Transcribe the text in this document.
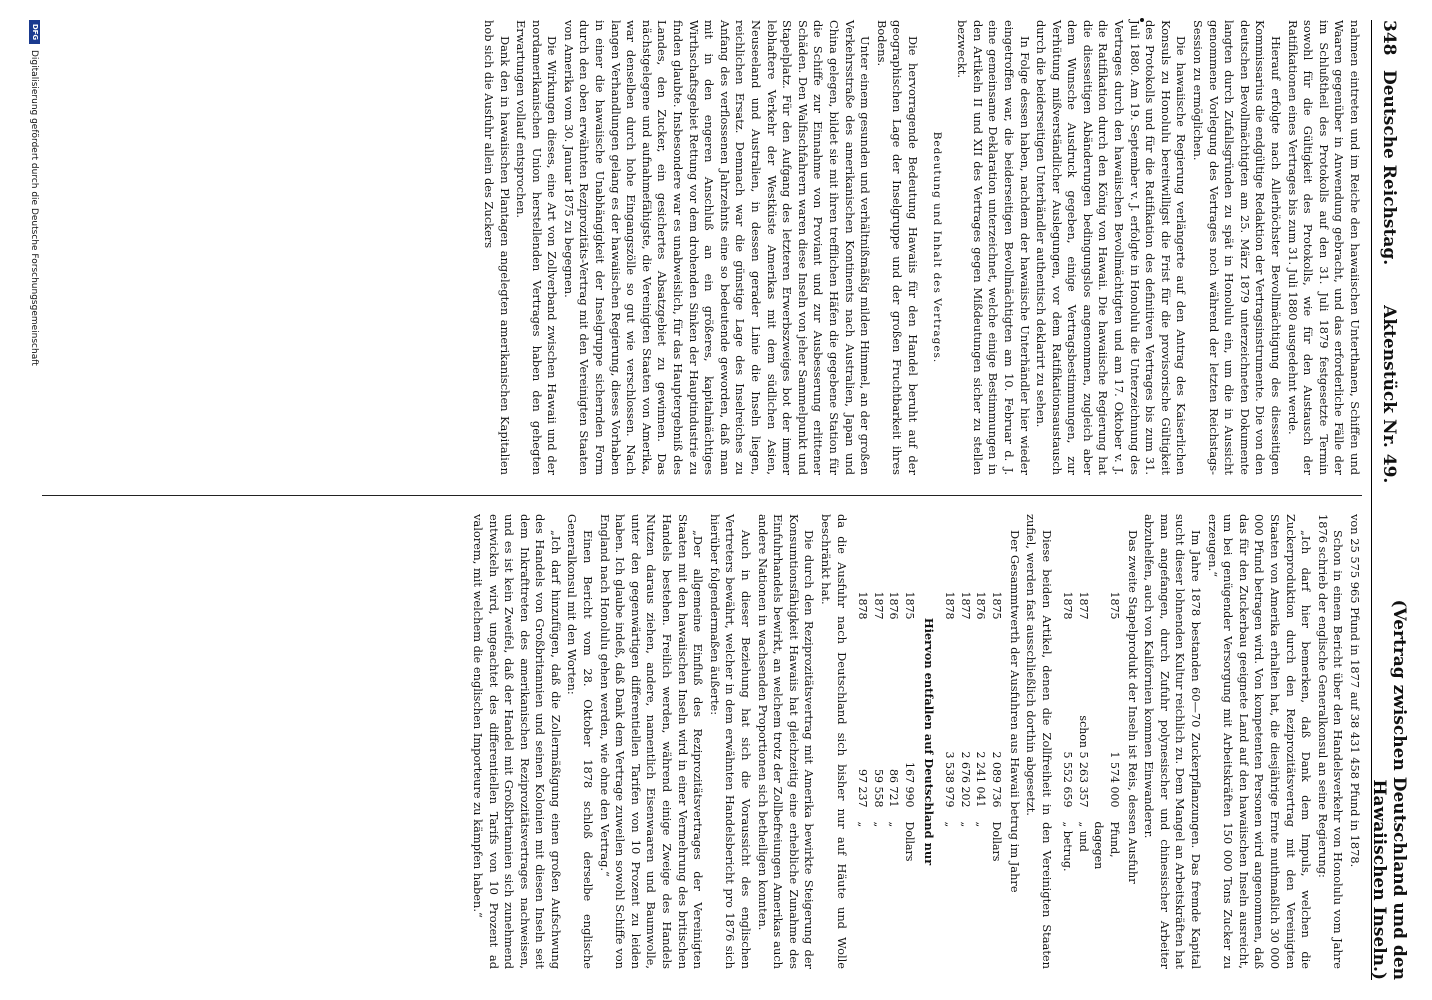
348
Deutsche Reichstag.
Aktenstück Nr. 49.
(Vertrag zwischen Deutschland und den Hawaiischen Inseln.)

nahmen eintreten und im Reiche den hawaiischen Unterthanen, Schiffen und Waaren gegenüber in Anwendung gebracht, und das erforderliche Fälle der im Schlußtheil des Protokolls auf den 31. Juli 1879 festgesetzte Termin sowohl für die Gültigkeit des Protokolls, wie für den Austausch der Ratifikationen eines Vertrages bis zum 31. Juli 1880 ausgedehnt werde.

Hierauf erfolgte nach Allerhöchster Bevollmächtigung des diesseitigen Kommissarius die endgültige Redaktion der Vertragsinstrumente. Die von den deutschen Bevollmächtigten am 25. März 1879 unterzeichneten Dokumente langten durch Zufallsgründen zu spät in Honolulu ein, um die in Aussicht genommene Vorlegung des Vertrages noch während der letzten Reichstags-Session zu ermöglichen.

Die hawaiische Regierung verlängerte auf den Antrag des Kaiserlichen Konsuls zu Honolulu bereitwilligst die Frist für die provisorische Gültigkeit des Protokolls und für die Ratifikation des definitiven Vertrages bis zum 31. Juli 1880. Am 19. September v. J. erfolgte in Honolulu die Unterzeichnung des Vertrages durch den hawaiischen Bevollmächtigten und am 17. Oktober v. J. die Ratifikation durch den König von Hawaii. Die hawaiische Regierung hat die diesseitigen Abänderungen bedingungslos angenommen, zugleich aber dem Wunsche Ausdruck gegeben, einige Vertragsbestimmungen, zur Verhütung mißverständlicher Auslegungen, vor dem Ratifikationsaustausch durch die beiderseitigen Unterhändler authentisch deklarirt zu sehen.

In Folge dessen haben, nachdem der hawaiische Unterhändler hier wieder eingetroffen war, die beiderseitigen Bevollmächtigten am 10. Februar d. J. eine gemeinsame Deklaration unterzeichnet, welche einige Bestimmungen in den Artikeln II und XII des Vertrages gegen Mißdeutungen sicher zu stellen bezweckt.

Bedeutung und Inhalt des Vertrages.

Die hervorragende Bedeutung Hawaiis für den Handel beruht auf der geographischen Lage der Inselgruppe und der großen Fruchtbarkeit ihres Bodens.

Unter einem gesunden und verhältnißmäßig milden Himmel, an der großen Verkehrsstraße des amerikanischen Kontinents nach Australien, Japan und China gelegen, bildet sie mit ihren trefflichen Häfen die gegebene Station für die Schiffe zur Einnahme von Proviant und zur Ausbesserung erlittener Schäden. Den Walfischfahrern waren diese Inseln von jeher Sammelpunkt und Stapelplatz. Für den Aufgang des letzteren Erwerbszweiges bot der immer lebhaftere Verkehr der Westküste Amerikas mit dem südlichen Asien, Neuseeland und Australien, in dessen gerader Linie die Inseln liegen, reichlichen Ersatz. Demnach war die günstige Lage des Inselreiches zu Anfang des verflossenen Jahrzehnts eine so bedeutende geworden, daß man mit in den engeren Anschluß an ein größeres, kapitalmächtiges Wirthschaftsgebiet Rettung vor dem drohenden Sinken der Hauptindustrie zu finden glaubte. Insbesondere war es unabweislich, für das Hauptergebniß des Landes, den Zucker, ein gesichertes Absatzgebiet zu gewinnen. Das nächstgelegene und aufnahmefähigste, die Vereinigten Staaten von Amerika, war denselben durch hohe Eingangszölle so gut wie verschlossen. Nach langen Verhandlungen gelang es der hawaiischen Regierung, dieses Vorhaben in einer die hawaiische Unabhängigkeit der Inselgruppe sichernden Form durch den oben erwähnten Reziprozitäts-Vertrag mit den Vereinigten Staaten von Amerika vom 30. Januar 1875 zu begegnen.

Die Wirkungen dieses, eine Art von Zollverband zwischen Hawaii und der nordamerikanischen Union herstellenden Vertrages haben den gehegten Erwartungen vollauf entsprochen.

Dank den in hawaiischen Plantagen angelegten amerikanischen Kapitalien hob sich die Ausfuhr allein des Zuckers

von 25 575 965 Pfund in 1877 auf 38 431 458 Pfund in 1878.

Schon in einem Bericht über den Handelsverkehr von Honolulu vom Jahre 1876 schrieb der englische Generalkonsul an seine Regierung:

„Ich darf hier bemerken, daß Dank dem Impuls, welchen die Zuckerproduktion durch den Reziprozitätsvertrag mit den Vereinigten Staaten von Amerika erhalten hat, die diesjährige Ernte muthmaßlich 30 000 000 Pfund betragen wird. Von kompetenten Personen wird angenommen, daß das für den Zuckerbau geeignete Land auf den hawaiischen Inseln ausreicht, um bei genügender Versorgung mit Arbeitskräften 150 000 Tons Zucker zu erzeugen.“

Im Jahre 1878 bestanden 60—70 Zuckerpflanzungen. Das fremde Kapital sucht dieser lohnenden Kultur reichlich zu. Dem Mangel an Arbeitskräften hat man angefangen, durch Zufuhr polynesischer und chinesischer Arbeiter abzuhelfen, auch von Kalifornien kommen Einwanderer.

Das zweite Stapelprodukt der Inseln ist Reis, dessen Ausfuhr

1875
1 574 000
Pfund, dagegen
1877
schon 5 263 357
„ und
1878
5 552 659
„ betrug.

Diese beiden Artikel, denen die Zollfreiheit in den Vereinigten Staaten zufiel, werden fast ausschließlich dorthin abgesetzt.

Der Gesammtwerth der Ausfuhren aus Hawaii betrug im Jahre

1875
2 089 736
Dollars
1876
2 241 041
„
1877
2 676 202
„
1878
3 538 979
„

Hiervon entfallen auf Deutschland nur

1875
167 990
Dollars
1876
86 721
„
1877
59 558
„
1878
97 237
„

da die Ausfuhr nach Deutschland sich bisher nur auf Häute und Wolle beschränkt hat.

Die durch den Reziprozitätsvertrag mit Amerika bewirkte Steigerung der Konsumtionsfähigkeit Hawaiis hat gleichzeitig eine erhebliche Zunahme des Einfuhrhandels bewirkt, an welchem trotz der Zollbefreiungen Amerikas auch andere Nationen in wachsenden Proportionen sich betheiligen konnten.

Auch in dieser Beziehung hat sich die Voraussicht des englischen Vertreters bewährt, welcher in dem erwähnten Handelsbericht pro 1876 sich hierüber folgendermaßen äußerte:

„Der allgemeine Einfluß des Reziprozitätsvertrages der Vereinigten Staaten mit den hawaiischen Inseln wird in einer Vermehrung des britischen Handels bestehen. Freilich werden, während einige Zweige des Handels Nutzen daraus ziehen, andere, namentlich Eisenwaaren und Baumwolle, unter den gegenwärtigen differentiellen Tarifen von 10 Prozent zu leiden haben. Ich glaube indeß, daß Dank dem Vertrage zuweilen sowohl Schiffe von England nach Honolulu gehen werden, wie ohne den Vertrag.“

Einen Bericht vom 28. Oktober 1878 schloß derselbe englische Generalkonsul mit den Worten:

„Ich darf hinzufügen, daß die Zollermäßigung einen großen Aufschwung des Handels von Großbritannien und seinen Kolonien mit diesen Inseln seit dem Inkrafttreten des amerikanischen Reziprozitätsvertrages nachweisen, und es ist kein Zweifel, daß der Handel mit Großbritannien sich zunehmend entwickeln wird, ungeachtet des differentiellen Tarifs von 10 Prozent ad valorem, mit welchem die englischen Importeure zu kämpfen haben.“

DFG
Digitalisierung gefördert durch die Deutsche Forschungsgemeinschaft
